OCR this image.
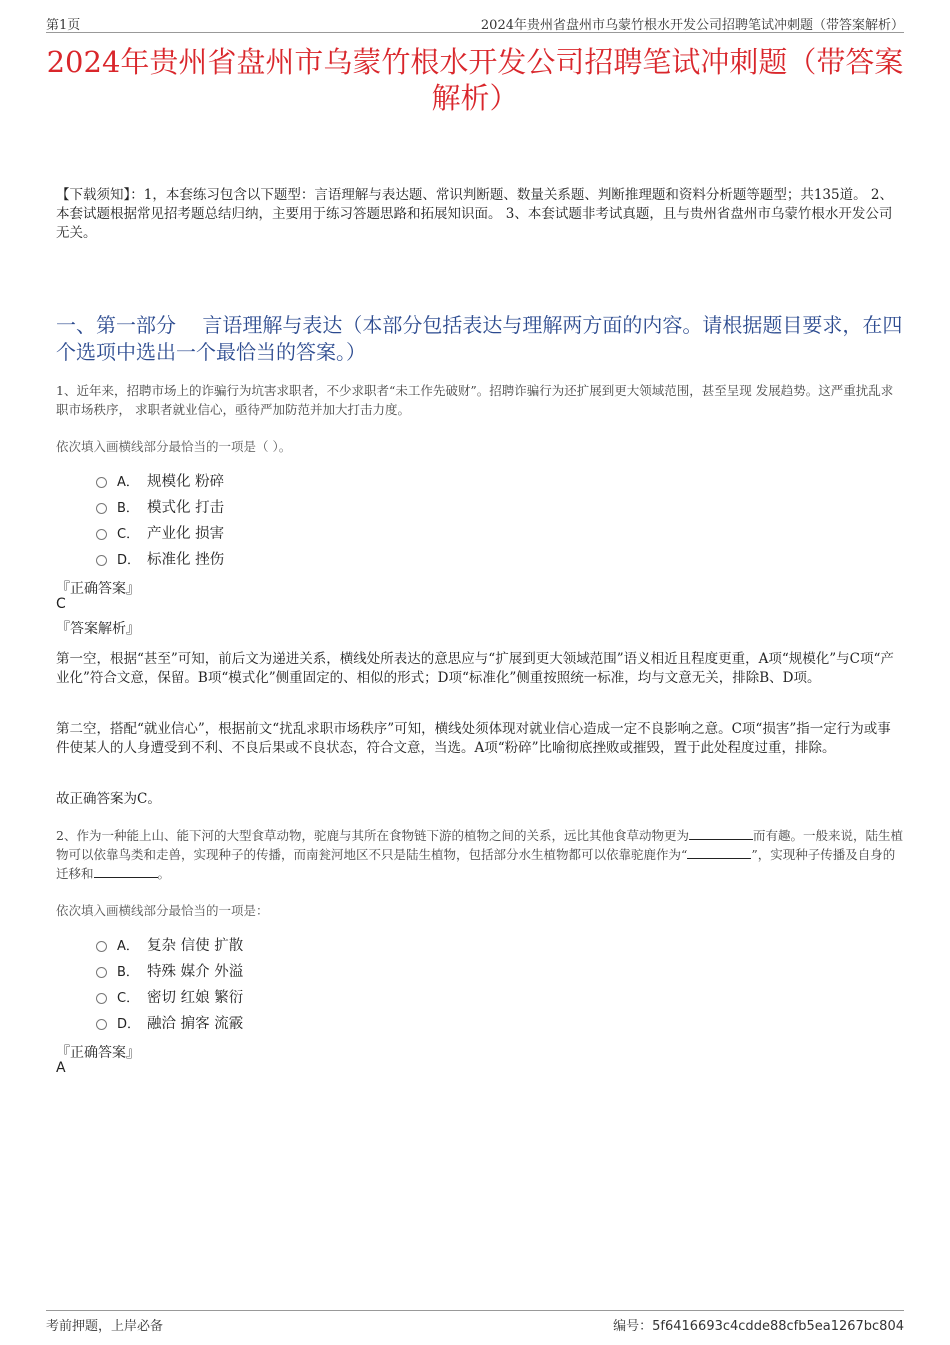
第1页	2024年贵州省盘州市乌蒙竹根水开发公司招聘笔试冲刺题（带答案解析）
2024年贵州省盘州市乌蒙竹根水开发公司招聘笔试冲刺题（带答案解析）
【下载须知】：1，本套练习包含以下题型：言语理解与表达题、常识判断题、数量关系题、判断推理题和资料分析题等题型；共135道。 2、本套试题根据常见招考题总结归纳，主要用于练习答题思路和拓展知识面。 3、本套试题非考试真题，且与贵州省盘州市乌蒙竹根水开发公司无关。
一、第一部分　 言语理解与表达（本部分包括表达与理解两方面的内容。请根据题目要求，在四个选项中选出一个最恰当的答案。）
1、近年来，招聘市场上的诈骗行为坑害求职者，不少求职者“未工作先破财”。招聘诈骗行为还扩展到更大领域范围，甚至呈现 发展趋势。这严重扰乱求职市场秩序， 求职者就业信心，亟待严加防范并加大打击力度。
依次填入画横线部分最恰当的一项是（ ）。
A． 规模化 粉碎
B． 模式化 打击
C． 产业化 损害
D． 标准化 挫伤
『正确答案』
C
『答案解析』
第一空，根据“甚至”可知，前后文为递进关系，横线处所表达的意思应与“扩展到更大领域范围”语义相近且程度更重，A项“规模化”与C项“产业化”符合文意，保留。B项“模式化”侧重固定的、相似的形式；D项“标准化”侧重按照统一标准，均与文意无关，排除B、D项。
第二空，搭配“就业信心”，根据前文“扰乱求职市场秩序”可知，横线处须体现对就业信心造成一定不良影响之意。C项“损害”指一定行为或事件使某人的人身遭受到不利、不良后果或不良状态，符合文意，当选。A项“粉碎”比喻彻底挫败或摧毁，置于此处程度过重，排除。
故正确答案为C。
2、作为一种能上山、能下河的大型食草动物，驼鹿与其所在食物链下游的植物之间的关系，远比其他食草动物更为	而有趣。一般来说，陆生植物可以依靠鸟类和走兽，实现种子的传播，而南瓮河地区不只是陆生植物，包括部分水生植物都可以依靠驼鹿作为“	”，实现种子传播及自身的迁移和	。
依次填入画横线部分最恰当的一项是：
A． 复杂 信使 扩散
B． 特殊 媒介 外溢
C． 密切 红娘 繁衍
D． 融洽 掮客 流霰
『正确答案』
A
考前押题，上岸必备	编号：5f6416693c4cdde88cfb5ea1267bc804
